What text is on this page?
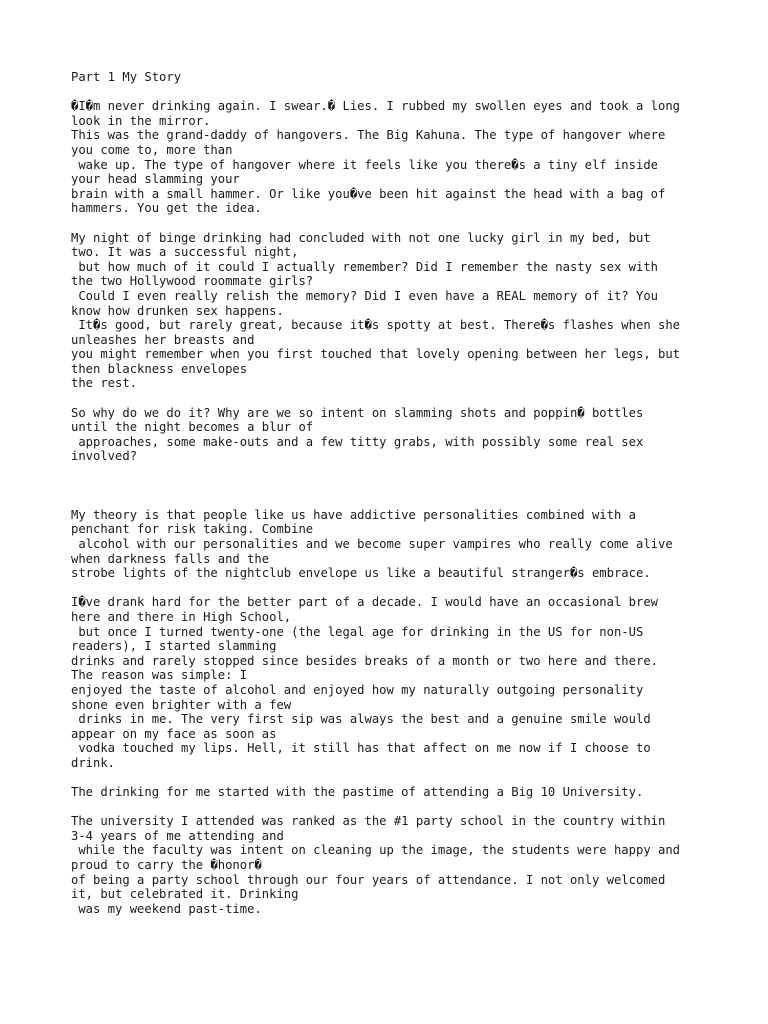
Part 1 My Story
�I�m never drinking again. I swear.� Lies. I rubbed my swollen eyes and took a long
look in the mirror.
This was the grand-daddy of hangovers. The Big Kahuna. The type of hangover where
you come to, more than
wake up. The type of hangover where it feels like you there�s a tiny elf inside
your head slamming your
brain with a small hammer. Or like you�ve been hit against the head with a bag of
hammers. You get the idea.
My night of binge drinking had concluded with not one lucky girl in my bed, but
two. It was a successful night,
but how much of it could I actually remember? Did I remember the nasty sex with
the two Hollywood roommate girls?
Could I even really relish the memory? Did I even have a REAL memory of it? You
know how drunken sex happens.
It�s good, but rarely great, because it�s spotty at best. There�s flashes when she
unleashes her breasts and
you might remember when you first touched that lovely opening between her legs, but
then blackness envelopes
the rest.
So why do we do it? Why are we so intent on slamming shots and poppin� bottles
until the night becomes a blur of
approaches, some make-outs and a few titty grabs, with possibly some real sex
involved?
My theory is that people like us have addictive personalities combined with a
penchant for risk taking. Combine
alcohol with our personalities and we become super vampires who really come alive
when darkness falls and the
strobe lights of the nightclub envelope us like a beautiful stranger�s embrace.
I�ve drank hard for the better part of a decade. I would have an occasional brew
here and there in High School,
but once I turned twenty-one (the legal age for drinking in the US for non-US
readers), I started slamming
drinks and rarely stopped since besides breaks of a month or two here and there.
The reason was simple: I
enjoyed the taste of alcohol and enjoyed how my naturally outgoing personality
shone even brighter with a few
drinks in me. The very first sip was always the best and a genuine smile would
appear on my face as soon as
vodka touched my lips. Hell, it still has that affect on me now if I choose to
drink.
The drinking for me started with the pastime of attending a Big 10 University.
The university I attended was ranked as the #1 party school in the country within
3-4 years of me attending and
while the faculty was intent on cleaning up the image, the students were happy and
proud to carry the �honor�
of being a party school through our four years of attendance. I not only welcomed
it, but celebrated it. Drinking
was my weekend past-time.
